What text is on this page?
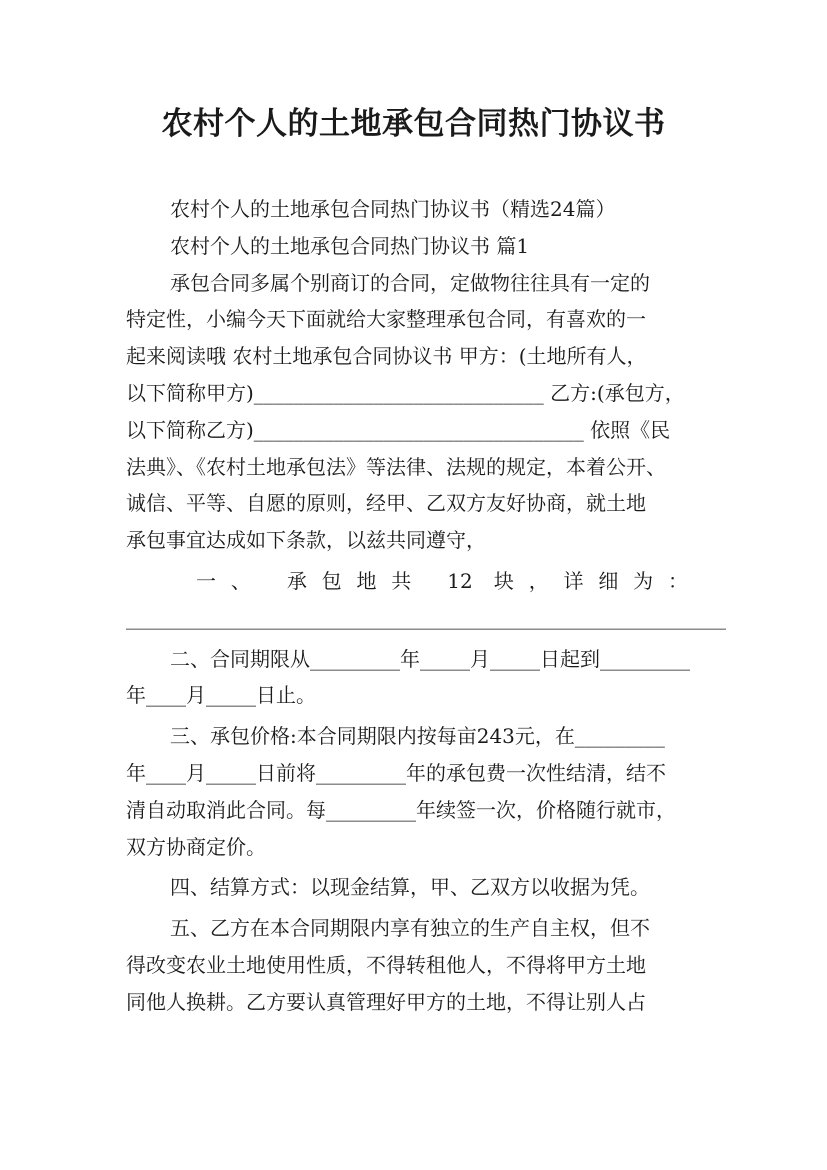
农村个人的土地承包合同热门协议书
农村个人的土地承包合同热门协议书（精选24篇）
农村个人的土地承包合同热门协议书 篇1
承包合同多属个别商订的合同，定做物往往具有一定的
特定性，小编今天下面就给大家整理承包合同，有喜欢的一
起来阅读哦 农村土地承包合同协议书 甲方：(土地所有人，
以下简称甲方)_____________________________ 乙方:(承包方，
以下简称乙方)_________________________________ 依照《民
法典》、《农村土地承包法》等法律、法规的规定，本着公开、
诚信、平等、自愿的原则，经甲、乙双方友好协商，就土地
承包事宜达成如下条款，以兹共同遵守，
一、 承包地共 12 块，详细为：
____________________________________________________________
二、合同期限从_________年_____月_____日起到_________
年____月_____日止。
三、承包价格:本合同期限内按每亩243元，在_________
年____月_____日前将_________年的承包费一次性结清，结不
清自动取消此合同。每_________年续签一次，价格随行就市，
双方协商定价。
四、结算方式：以现金结算，甲、乙双方以收据为凭。
五、乙方在本合同期限内享有独立的生产自主权，但不
得改变农业土地使用性质，不得转租他人，不得将甲方土地
同他人换耕。乙方要认真管理好甲方的土地，不得让别人占
